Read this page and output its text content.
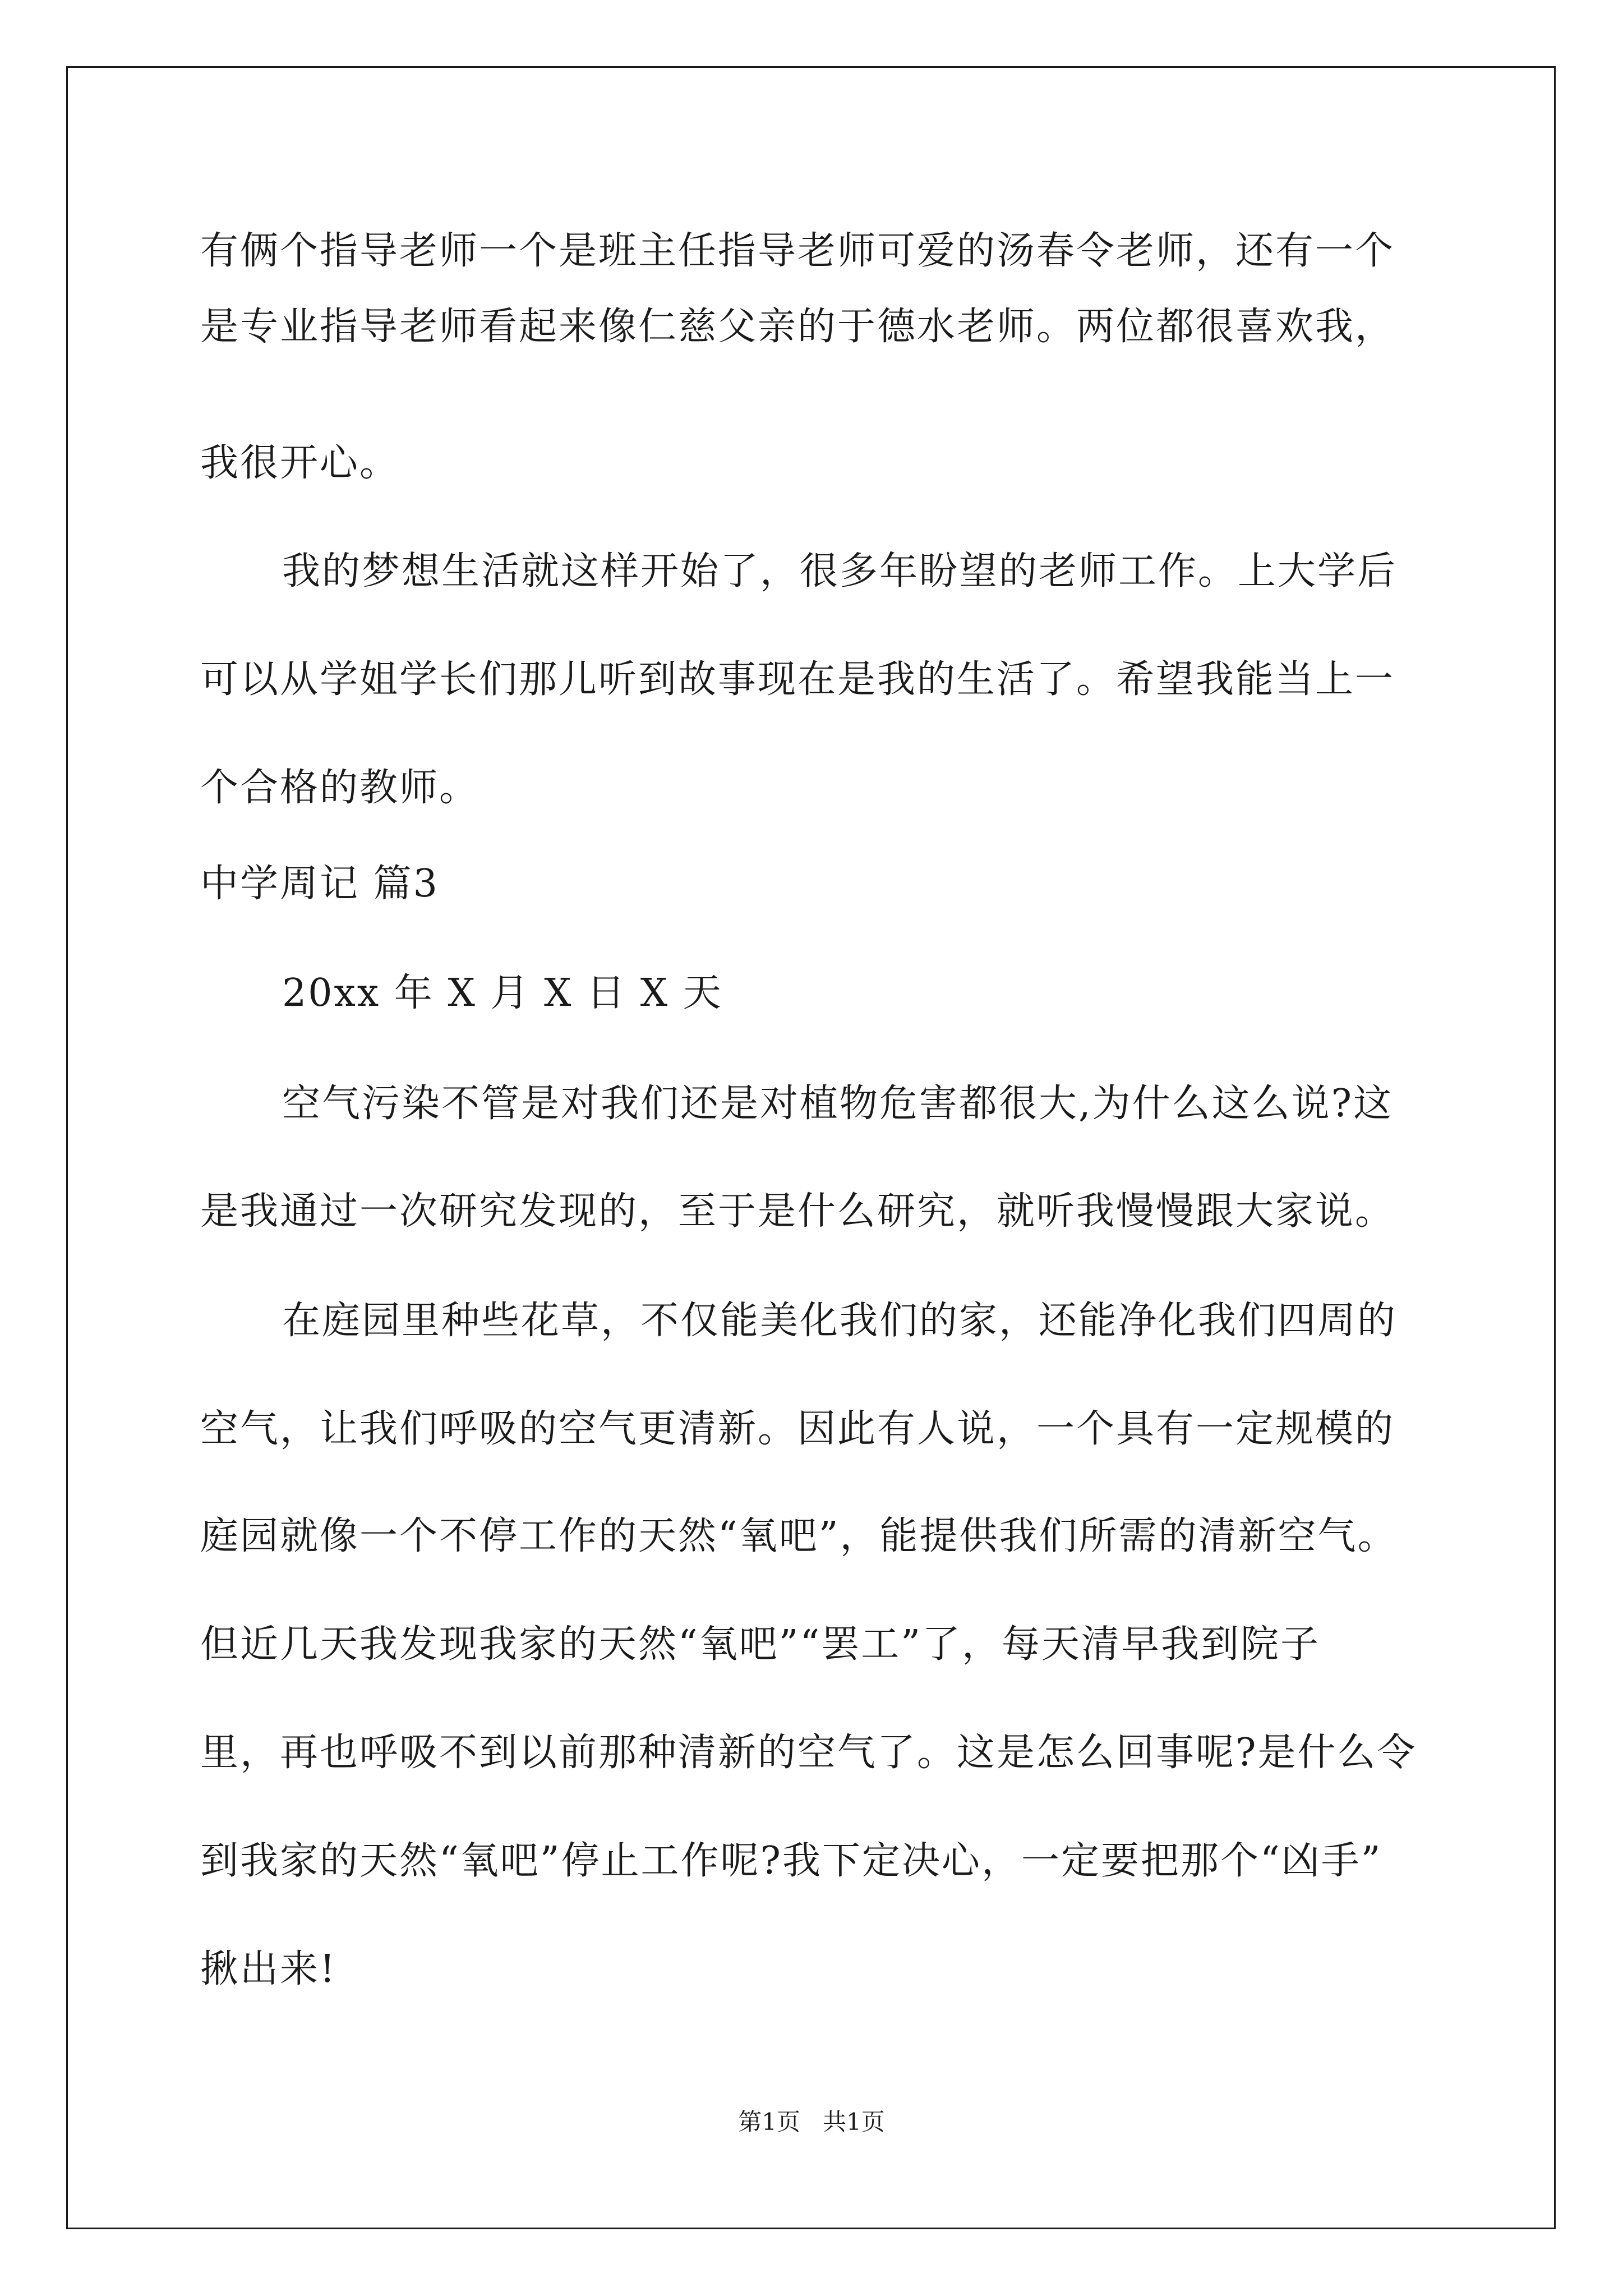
有俩个指导老师一个是班主任指导老师可爱的汤春令老师，还有一个
是专业指导老师看起来像仁慈父亲的于德水老师。两位都很喜欢我，
我很开心。
我的梦想生活就这样开始了，很多年盼望的老师工作。上大学后
可以从学姐学长们那儿听到故事现在是我的生活了。希望我能当上一
个合格的教师。
中学周记 篇3
20xx 年 X 月 X 日 X 天
空气污染不管是对我们还是对植物危害都很大,为什么这么说?这
是我通过一次研究发现的，至于是什么研究，就听我慢慢跟大家说。
在庭园里种些花草，不仅能美化我们的家，还能净化我们四周的
空气，让我们呼吸的空气更清新。因此有人说，一个具有一定规模的
庭园就像一个不停工作的天然“氧吧”，能提供我们所需的清新空气。
但近几天我发现我家的天然“氧吧”“罢工”了，每天清早我到院子
里，再也呼吸不到以前那种清新的空气了。这是怎么回事呢?是什么令
到我家的天然“氧吧”停止工作呢?我下定决心，一定要把那个“凶手”
揪出来!
第1页   共1页
